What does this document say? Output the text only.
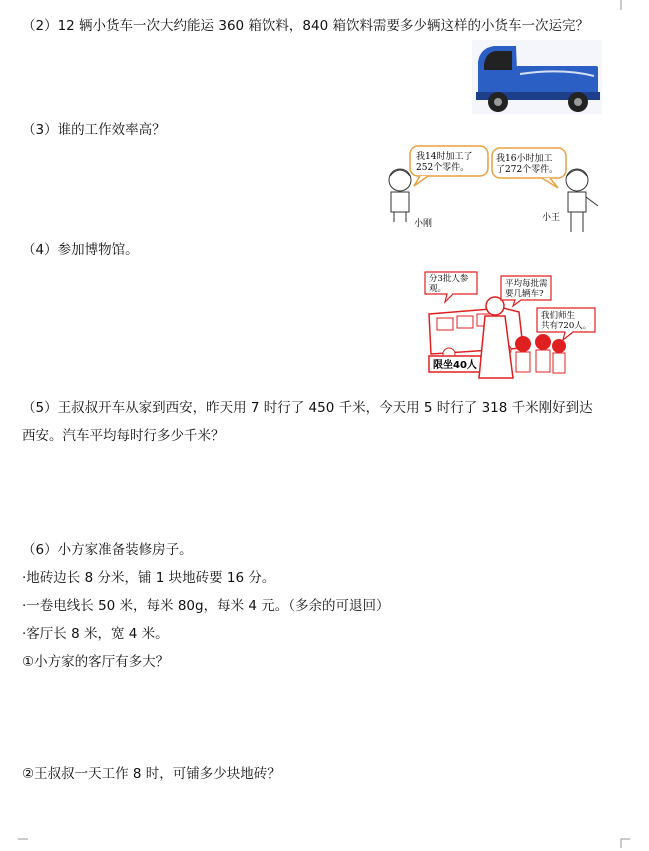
（2）12 辆小货车一次大约能运 360 箱饮料，840 箱饮料需要多少辆这样的小货车一次运完？
（3）谁的工作效率高？
我14时加工了
252个零件。
我16小时加工
了272个零件。
小刚
小王
（4）参加博物馆。
限坐40人
分3批人参
观。	平均每批需
要几辆车?
我们师生
共有720人。
（5）王叔叔开车从家到西安，昨天用 7 时行了 450 千米，今天用 5 时行了 318 千米刚好到达
西安。汽车平均每时行多少千米？
（6）小方家准备装修房子。
·地砖边长 8 分米，铺 1 块地砖要 16 分。
·一卷电线长 50 米，每米 80g，每米 4 元。（多余的可退回）
·客厅长 8 米，宽 4 米。
①小方家的客厅有多大？
②王叔叔一天工作 8 时，可铺多少块地砖？
